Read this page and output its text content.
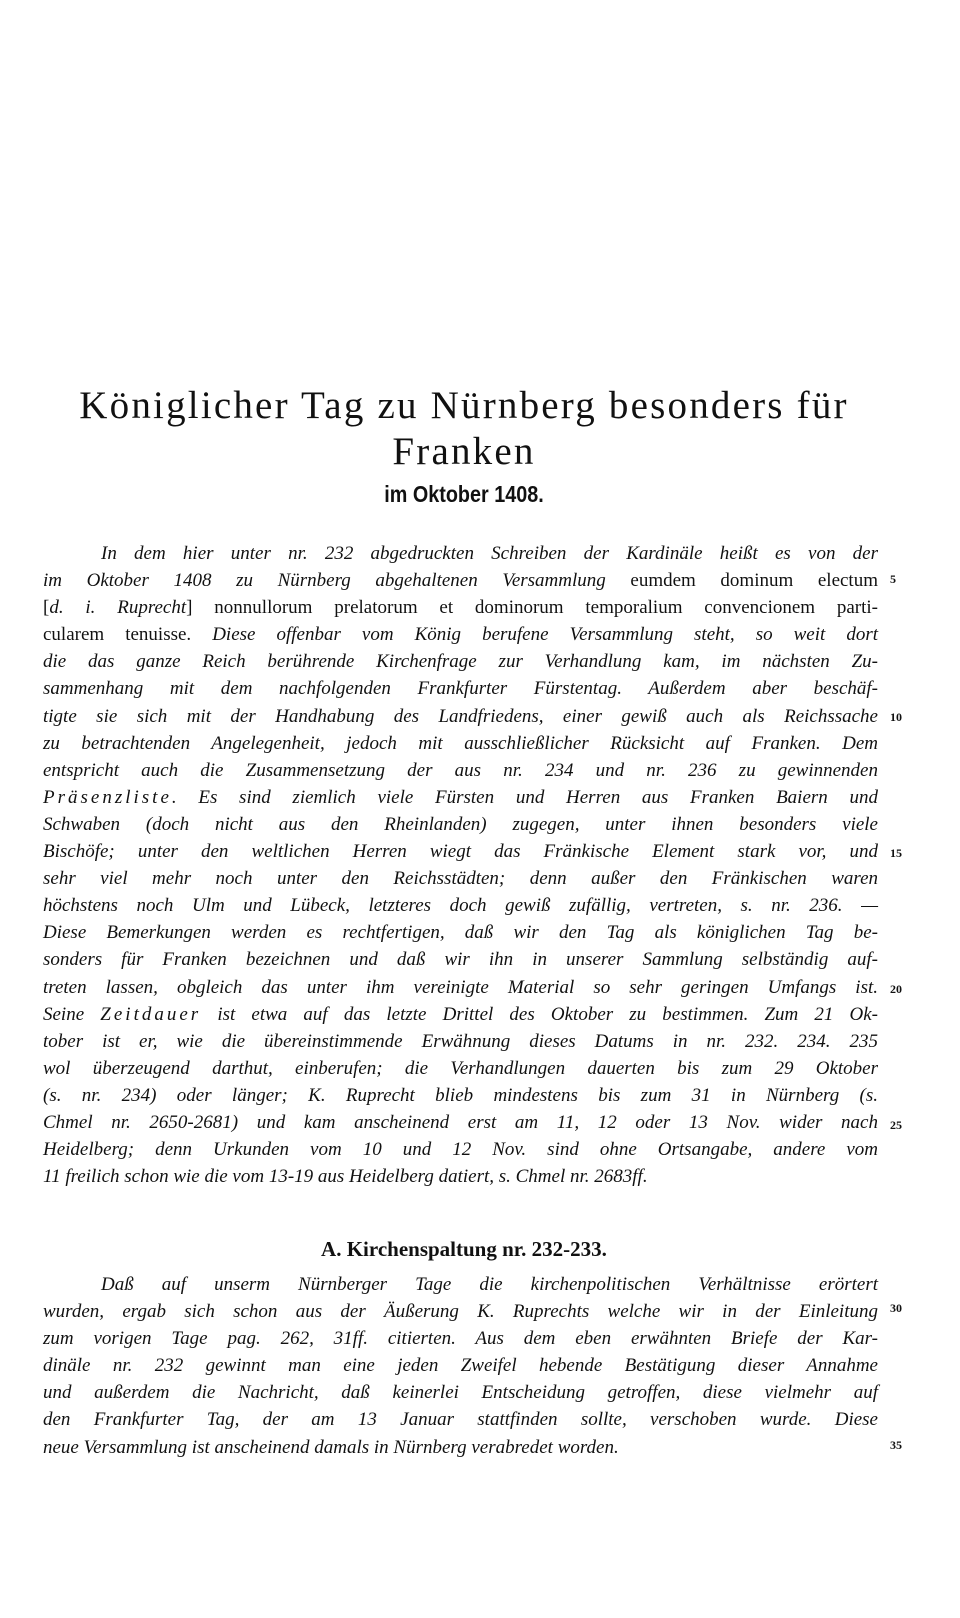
Königlicher Tag zu Nürnberg besonders für
Franken
im Oktober 1408.
In dem hier unter nr. 232 abgedruckten Schreiben der Kardinäle heißt es von der
im Oktober 1408 zu Nürnberg abgehaltenen Versammlung eumdem dominum electum
[d. i. Ruprecht] nonnullorum prelatorum et dominorum temporalium convencionem parti-
cularem tenuisse. Diese offenbar vom König berufene Versammlung steht, so weit dort
die das ganze Reich berührende Kirchenfrage zur Verhandlung kam, im nächsten Zu-
sammenhang mit dem nachfolgenden Frankfurter Fürstentag. Außerdem aber beschäf-
tigte sie sich mit der Handhabung des Landfriedens, einer gewiß auch als Reichssache
zu betrachtenden Angelegenheit, jedoch mit ausschließlicher Rücksicht auf Franken. Dem
entspricht auch die Zusammensetzung der aus nr. 234 und nr. 236 zu gewinnenden
Präsenzliste. Es sind ziemlich viele Fürsten und Herren aus Franken Baiern und
Schwaben (doch nicht aus den Rheinlanden) zugegen, unter ihnen besonders viele
Bischöfe; unter den weltlichen Herren wiegt das Fränkische Element stark vor, und
sehr viel mehr noch unter den Reichsstädten; denn außer den Fränkischen waren
höchstens noch Ulm und Lübeck, letzteres doch gewiß zufällig, vertreten, s. nr. 236. —
Diese Bemerkungen werden es rechtfertigen, daß wir den Tag als königlichen Tag be-
sonders für Franken bezeichnen und daß wir ihn in unserer Sammlung selbständig auf-
treten lassen, obgleich das unter ihm vereinigte Material so sehr geringen Umfangs ist.
Seine Zeitdauer ist etwa auf das letzte Drittel des Oktober zu bestimmen. Zum 21 Ok-
tober ist er, wie die übereinstimmende Erwähnung dieses Datums in nr. 232. 234. 235
wol überzeugend darthut, einberufen; die Verhandlungen dauerten bis zum 29 Oktober
(s. nr. 234) oder länger; K. Ruprecht blieb mindestens bis zum 31 in Nürnberg (s.
Chmel nr. 2650-2681) und kam anscheinend erst am 11, 12 oder 13 Nov. wider nach
Heidelberg; denn Urkunden vom 10 und 12 Nov. sind ohne Ortsangabe, andere vom
11 freilich schon wie die vom 13-19 aus Heidelberg datiert, s. Chmel nr. 2683ff.
A. Kirchenspaltung nr. 232-233.
Daß auf unserm Nürnberger Tage die kirchenpolitischen Verhältnisse erörtert
wurden, ergab sich schon aus der Äußerung K. Ruprechts welche wir in der Einleitung
zum vorigen Tage pag. 262, 31ff. citierten. Aus dem eben erwähnten Briefe der Kar-
dinäle nr. 232 gewinnt man eine jeden Zweifel hebende Bestätigung dieser Annahme
und außerdem die Nachricht, daß keinerlei Entscheidung getroffen, diese vielmehr auf
den Frankfurter Tag, der am 13 Januar stattfinden sollte, verschoben wurde. Diese
neue Versammlung ist anscheinend damals in Nürnberg verabredet worden.
5
10
15
20
25
30
35
